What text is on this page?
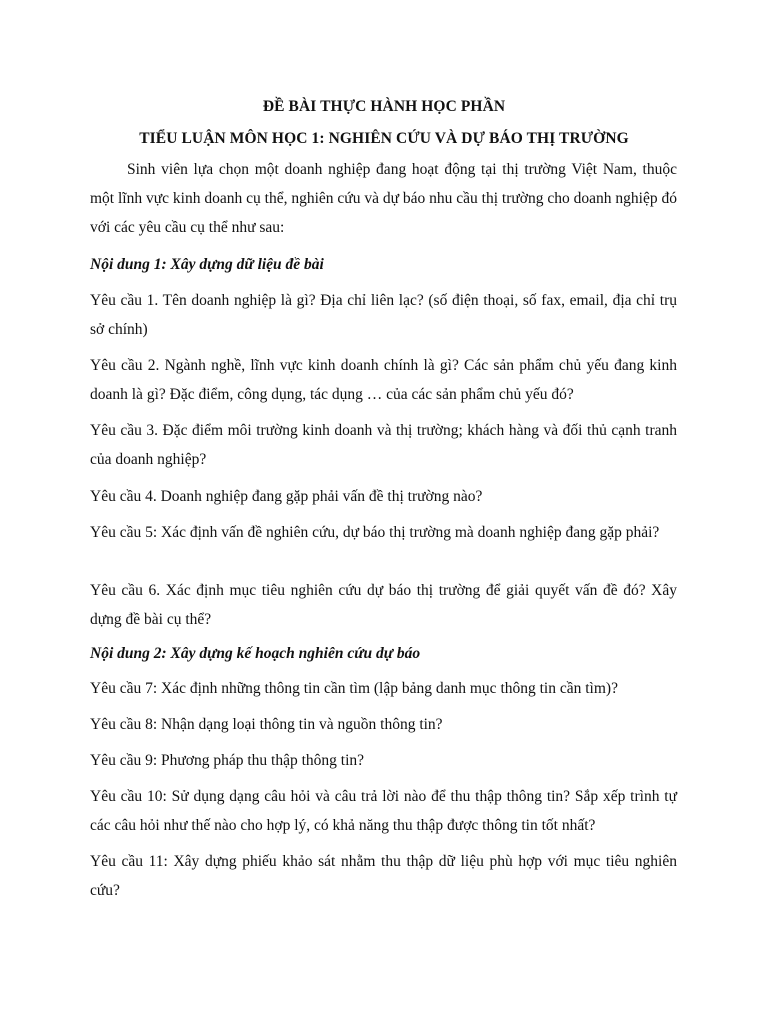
ĐỀ BÀI THỰC HÀNH HỌC PHẦN
TIỂU LUẬN MÔN HỌC 1: NGHIÊN CỨU VÀ DỰ BÁO THỊ TRƯỜNG
Sinh viên lựa chọn một doanh nghiệp đang hoạt động tại thị trường Việt Nam, thuộc một lĩnh vực kinh doanh cụ thể, nghiên cứu và dự báo nhu cầu thị trường cho doanh nghiệp đó với các yêu cầu cụ thể như sau:
Nội dung 1: Xây dựng dữ liệu đề bài
Yêu cầu 1. Tên doanh nghiệp là gì? Địa chỉ liên lạc? (số điện thoại, số fax, email, địa chỉ trụ sở chính)
Yêu cầu 2. Ngành nghề, lĩnh vực kinh doanh chính là gì? Các sản phẩm chủ yếu đang kinh doanh là gì? Đặc điểm, công dụng, tác dụng … của các sản phẩm chủ yếu đó?
Yêu cầu 3. Đặc điểm môi trường kinh doanh và thị trường; khách hàng và đối thủ cạnh tranh của doanh nghiệp?
Yêu cầu 4. Doanh nghiệp đang gặp phải vấn đề thị trường nào?
Yêu cầu 5: Xác định vấn đề nghiên cứu, dự báo thị trường mà doanh nghiệp đang gặp phải?
Yêu cầu 6. Xác định mục tiêu nghiên cứu dự báo thị trường để giải quyết vấn đề đó? Xây dựng đề bài cụ thể?
Nội dung 2: Xây dựng kế hoạch nghiên cứu dự báo
Yêu cầu 7: Xác định những thông tin cần tìm (lập bảng danh mục thông tin cần tìm)?
Yêu cầu 8: Nhận dạng loại thông tin và nguồn thông tin?
Yêu cầu 9: Phương pháp thu thập thông tin?
Yêu cầu 10: Sử dụng dạng câu hỏi và câu trả lời nào để thu thập thông tin? Sắp xếp trình tự các câu hỏi như thế nào cho hợp lý, có khả năng thu thập được thông tin tốt nhất?
Yêu cầu 11: Xây dựng phiếu khảo sát nhằm thu thập dữ liệu phù hợp với mục tiêu nghiên cứu?
